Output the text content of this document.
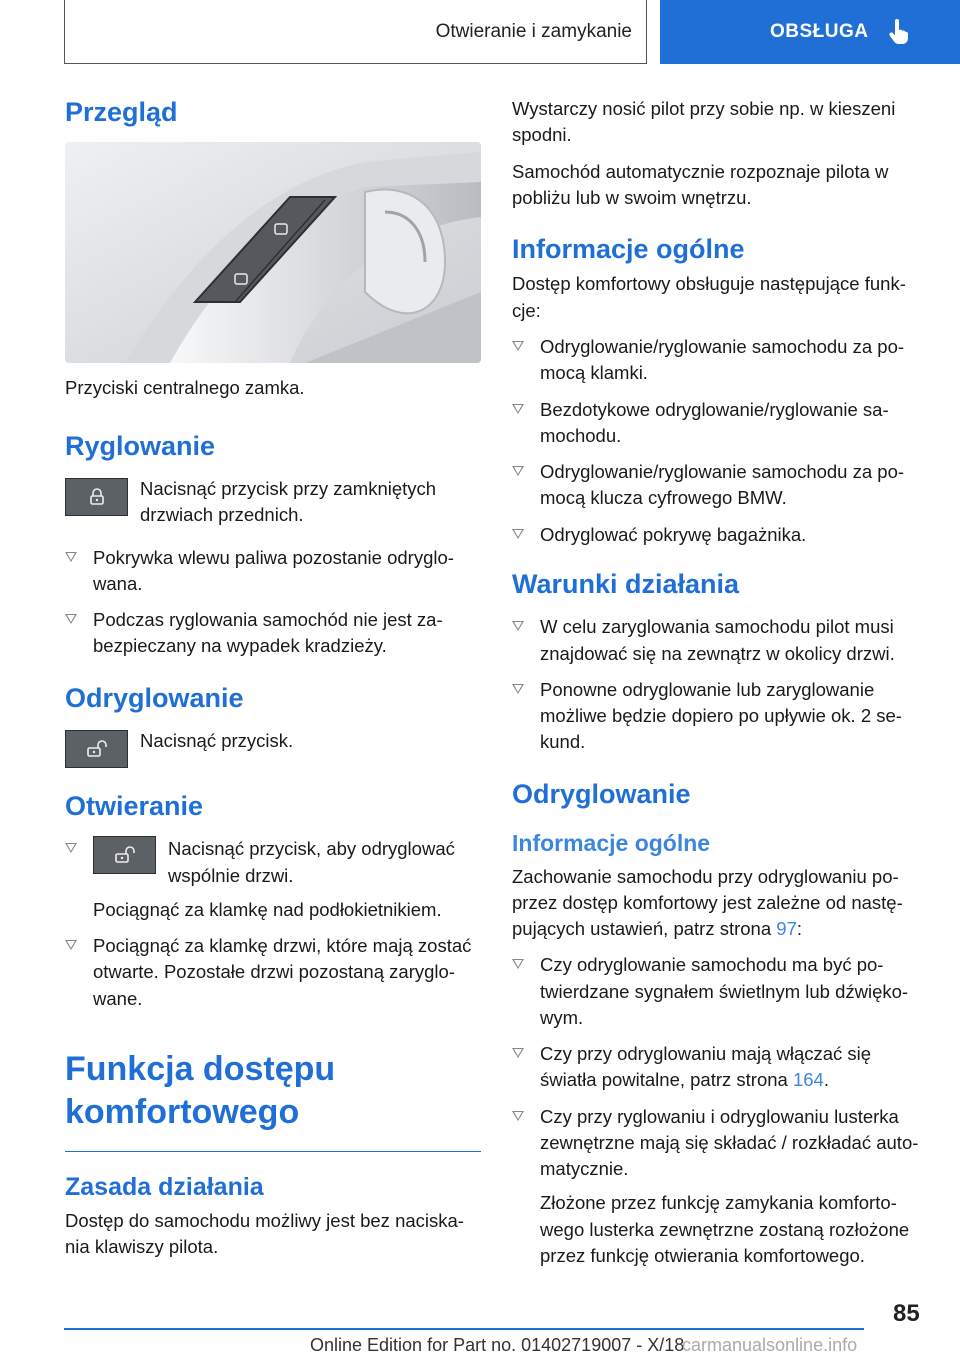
Otwieranie i zamykanie	OBSŁUGA
Przegląd

Przyciski centralnego zamka.

Ryglowanie

Nacisnąć przycisk przy zamkniętych drzwiach przednich.

Pokrywka wlewu paliwa pozostanie odryglo-wana.
Podczas ryglowania samochód nie jest za-bezpieczany na wypadek kradzieży.
Odryglowanie

Nacisnąć przycisk.

Otwieranie
Nacisnąć przycisk, aby odryglować wspólnie drzwi.
Pociągnąć za klamkę nad podłokietnikiem.
Pociągnąć za klamkę drzwi, które mają zostać otwarte. Pozostałe drzwi pozostaną zaryglo-wane.
Funkcja dostępu
komfortowego
Zasada działania

Dostęp do samochodu możliwy jest bez naciska-nia klawiszy pilota.

Wystarczy nosić pilot przy sobie np. w kieszeni spodni.

Samochód automatycznie rozpoznaje pilota w pobliżu lub w swoim wnętrzu.

Informacje ogólne

Dostęp komfortowy obsługuje następujące funk-cje:

Odryglowanie/ryglowanie samochodu za po-mocą klamki.
Bezdotykowe odryglowanie/ryglowanie sa-mochodu.
Odryglowanie/ryglowanie samochodu za po-mocą klucza cyfrowego BMW.
Odryglować pokrywę bagażnika.
Warunki działania
W celu zaryglowania samochodu pilot musi znajdować się na zewnątrz w okolicy drzwi.
Ponowne odryglowanie lub zaryglowanie możliwe będzie dopiero po upływie ok. 2 se-kund.
Odryglowanie
Informacje ogólne

Zachowanie samochodu przy odryglowaniu po-przez dostęp komfortowy jest zależne od nastę-pujących ustawień, patrz strona 97:

Czy odryglowanie samochodu ma być po-twierdzane sygnałem świetlnym lub dźwięko-wym.
Czy przy odryglowaniu mają włączać się światła powitalne, patrz strona 164.
Czy przy ryglowaniu i odryglowaniu lusterka zewnętrzne mają się składać / rozkładać auto-matycznie.
Złożone przez funkcję zamykania komforto-wego lusterka zewnętrzne zostaną rozłożone przez funkcję otwierania komfortowego.
85
Online Edition for Part no. 01402719007 - X/18
carmanualsonline.info
